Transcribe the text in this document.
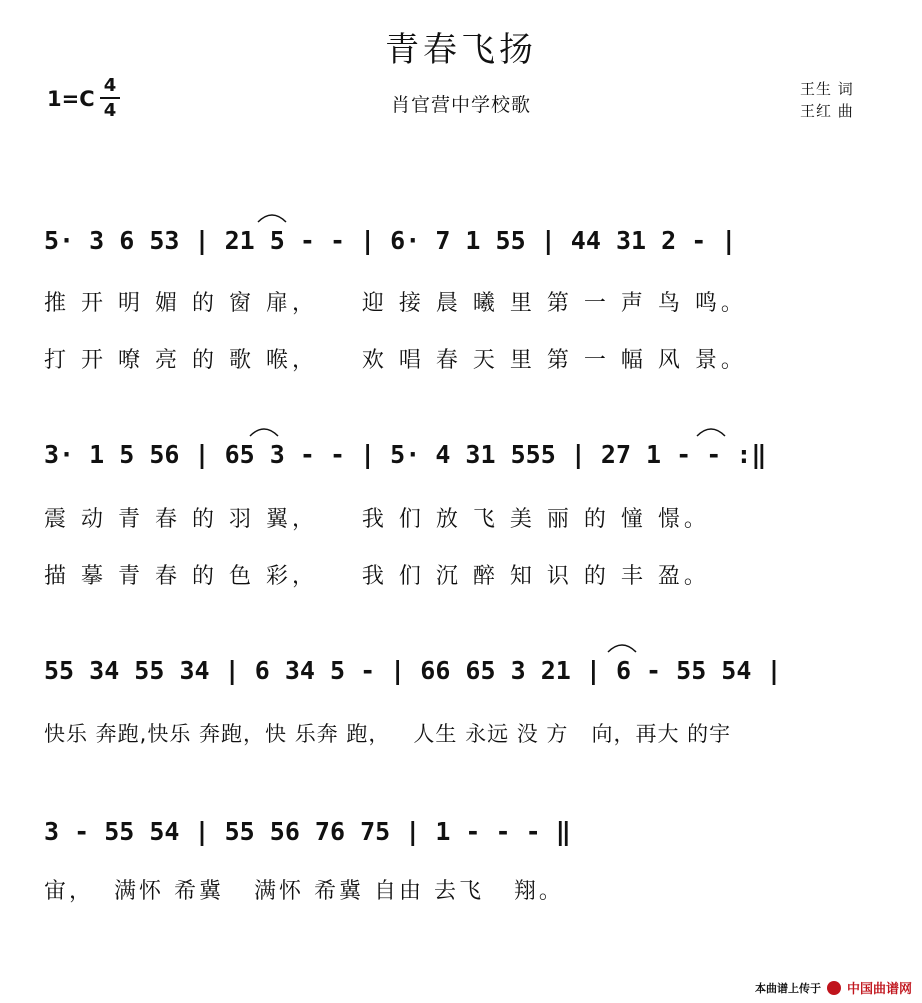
青春飞扬
肖官营中学校歌
王生 词
王红 曲
1=C
4
4
5· 3 6 53 | 21 5 - - | 6· 7 1 55 | 44 31 2 - |
推 开 明 媚 的 窗 扉，    迎 接 晨 曦 里 第 一 声 鸟 鸣。
打 开 嘹 亮 的 歌 喉，    欢 唱 春 天 里 第 一 幅 风 景。
3· 1 5 56 | 65 3 - - | 5· 4 31 555 | 27 1 - - :‖
震 动 青 春 的 羽 翼，    我 们 放 飞 美 丽 的 憧 憬。
描 摹 青 春 的 色 彩，    我 们 沉 醉 知 识 的 丰 盈。
55 34 55 34 | 6 34 5 - | 66 65 3 21 | 6 - 55 54 |
快乐 奔跑,快乐 奔跑，快 乐奔 跑，   人生 永远 没 方   向，再大 的宇
3 - 55 54 | 55 56 76 75 | 1 - - - ‖
宙，  满怀 希冀   满怀 希冀 自由 去飞   翔。
本曲谱上传于 中国曲谱网
